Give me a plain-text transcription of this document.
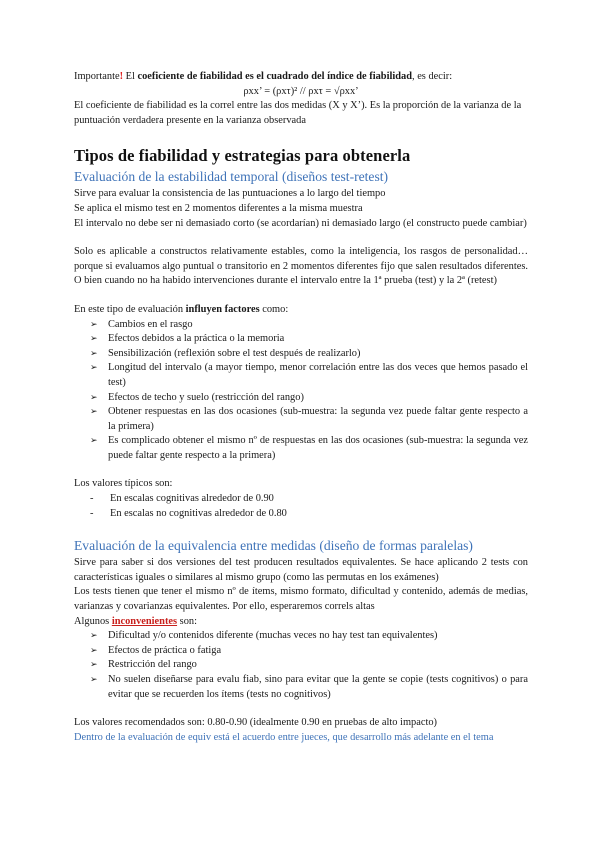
Importante! El coeficiente de fiabilidad es el cuadrado del índice de fiabilidad, es decir:

ρxx’ = (ρxτ)² // ρxτ = √ρxx’

El coeficiente de fiabilidad es la correl entre las dos medidas (X y X’). Es la proporción de la varianza de la puntuación verdadera presente en la varianza observada

Tipos de fiabilidad y estrategias para obtenerla
Evaluación de la estabilidad temporal (diseños test-retest)

Sirve para evaluar la consistencia de las puntuaciones a lo largo del tiempo

Se aplica el mismo test en 2 momentos diferentes a la misma muestra

El intervalo no debe ser ni demasiado corto (se acordarían) ni demasiado largo (el constructo puede cambiar)

Solo es aplicable a constructos relativamente estables, como la inteligencia, los rasgos de personalidad… porque si evaluamos algo puntual o transitorio en 2 momentos diferentes fijo que salen resultados diferentes. O bien cuando no ha habido intervenciones durante el intervalo entre la 1ª prueba (test) y la 2ª (retest)

En este tipo de evaluación influyen factores como:

➢ Cambios en el rasgo
➢ Efectos debidos a la práctica o la memoria
➢ Sensibilización (reflexión sobre el test después de realizarlo)
➢ Longitud del intervalo (a mayor tiempo, menor correlación entre las dos veces que hemos pasado el test)
➢ Efectos de techo y suelo (restricción del rango)
➢ Obtener respuestas en las dos ocasiones (sub-muestra: la segunda vez puede faltar gente respecto a la primera)
➢ Es complicado obtener el mismo nº de respuestas en las dos ocasiones (sub-muestra: la segunda vez puede faltar gente respecto a la primera)

Los valores típicos son:

- En escalas cognitivas alrededor de 0.90
- En escalas no cognitivas alrededor de 0.80
Evaluación de la equivalencia entre medidas (diseño de formas paralelas)

Sirve para saber si dos versiones del test producen resultados equivalentes. Se hace aplicando 2 tests con características iguales o similares al mismo grupo (como las permutas en los exámenes)

Los tests tienen que tener el mismo nº de ítems, mismo formato, dificultad y contenido, además de medias, varianzas y covarianzas equivalentes. Por ello, esperaremos correls altas

Algunos inconvenientes son:

➢ Dificultad y/o contenidos diferente (muchas veces no hay test tan equivalentes)
➢ Efectos de práctica o fatiga
➢ Restricción del rango
➢ No suelen diseñarse para evalu fiab, sino para evitar que la gente se copie (tests cognitivos) o para evitar que se recuerden los ítems (tests no cognitivos)

Los valores recomendados son: 0.80-0.90 (idealmente 0.90 en pruebas de alto impacto)

Dentro de la evaluación de equiv está el acuerdo entre jueces, que desarrollo más adelante en el tema
